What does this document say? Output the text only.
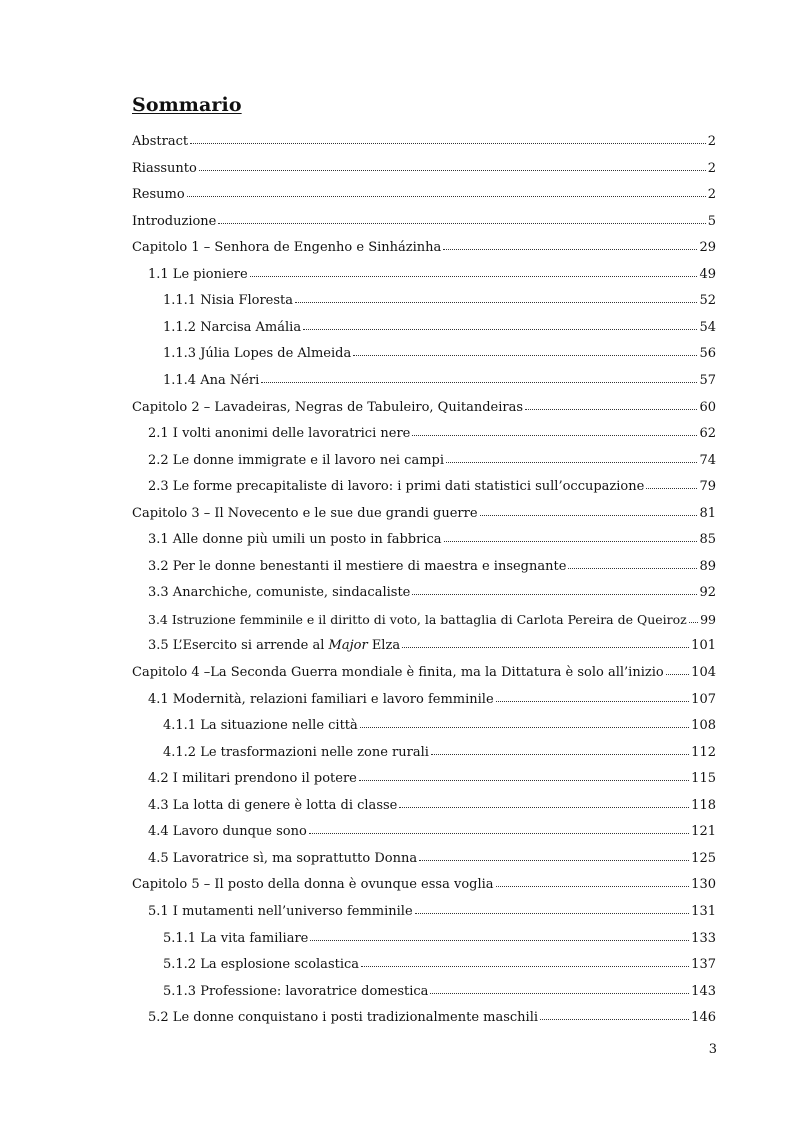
Sommario
Abstract	2
Riassunto	2
Resumo	2
Introduzione	5
Capitolo 1 – Senhora de Engenho e Sinházinha	29
1.1 Le pioniere	49
1.1.1 Nisia Floresta	52
1.1.2 Narcisa Amália	54
1.1.3 Júlia Lopes de Almeida	56
1.1.4 Ana Néri	57
Capitolo 2 – Lavadeiras, Negras de Tabuleiro, Quitandeiras	60
2.1 I volti anonimi delle lavoratrici nere	62
2.2 Le donne immigrate e il lavoro nei campi	74
2.3 Le forme precapitaliste di lavoro: i primi dati statistici sull’occupazione	79
Capitolo 3 – Il Novecento e le sue due grandi guerre	81
3.1 Alle donne più umili un posto in fabbrica	85
3.2 Per le donne benestanti il mestiere di maestra e insegnante	89
3.3 Anarchiche, comuniste, sindacaliste	92
3.4 Istruzione femminile e il diritto di voto, la battaglia di Carlota Pereira de Queiroz 99
3.5 L’Esercito si arrende al Major Elza	101
Capitolo 4 –La Seconda Guerra mondiale è finita, ma la Dittatura è solo all’inizio 104
4.1 Modernità, relazioni familiari e lavoro femminile	107
4.1.1 La situazione nelle città	108
4.1.2 Le trasformazioni nelle zone rurali	112
4.2 I militari prendono il potere	115
4.3 La lotta di genere è lotta di classe	118
4.4 Lavoro dunque sono	121
4.5 Lavoratrice sì, ma soprattutto Donna	125
Capitolo 5 – Il posto della donna è ovunque essa voglia	130
5.1 I mutamenti nell’universo femminile	131
5.1.1 La vita familiare	133
5.1.2 La esplosione scolastica	137
5.1.3 Professione: lavoratrice domestica	143
5.2 Le donne conquistano i posti tradizionalmente maschili	146
3
